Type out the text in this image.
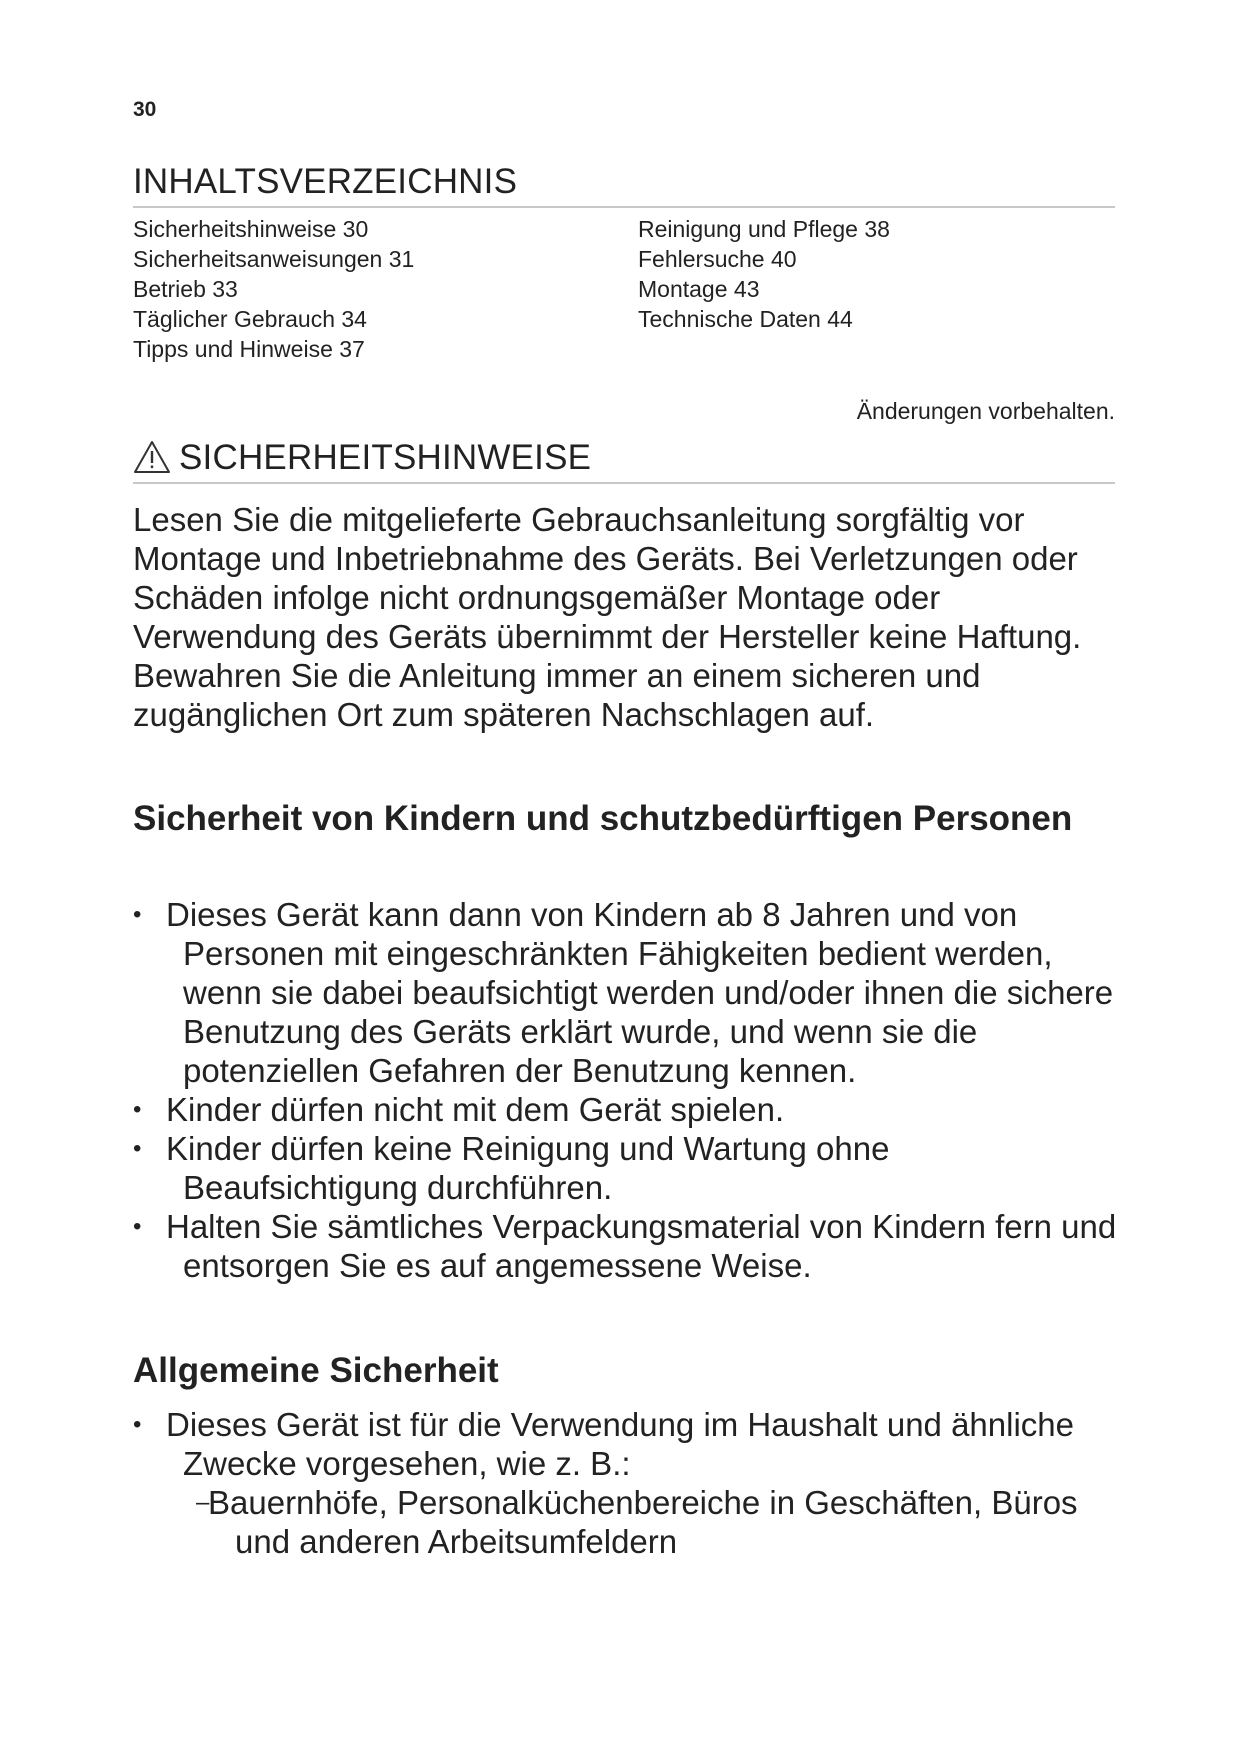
30
INHALTSVERZEICHNIS
Sicherheitshinweise 30
Sicherheitsanweisungen 31
Betrieb 33
Täglicher Gebrauch 34
Tipps und Hinweise 37
Reinigung und Pflege 38
Fehlersuche 40
Montage 43
Technische Daten 44
Änderungen vorbehalten.
SICHERHEITSHINWEISE
Lesen Sie die mitgelieferte Gebrauchsanleitung sorgfältig vor Montage und Inbetriebnahme des Geräts. Bei Verletzungen oder Schäden infolge nicht ordnungsgemäßer Montage oder Verwendung des Geräts übernimmt der Hersteller keine Haftung. Bewahren Sie die Anleitung immer an einem sicheren und zugänglichen Ort zum späteren Nachschlagen auf.
Sicherheit von Kindern und schutzbedürftigen Personen
• Dieses Gerät kann dann von Kindern ab 8 Jahren und von Personen mit eingeschränkten Fähigkeiten bedient werden, wenn sie dabei beaufsichtigt werden und/oder ihnen die sichere Benutzung des Geräts erklärt wurde, und wenn sie die potenziellen Gefahren der Benutzung kennen.
• Kinder dürfen nicht mit dem Gerät spielen.
• Kinder dürfen keine Reinigung und Wartung ohne Beaufsichtigung durchführen.
• Halten Sie sämtliches Verpackungsmaterial von Kindern fern und entsorgen Sie es auf angemessene Weise.
Allgemeine Sicherheit
• Dieses Gerät ist für die Verwendung im Haushalt und ähnliche Zwecke vorgesehen, wie z. B.:
–
Bauernhöfe, Personalküchenbereiche in Geschäften, Büros und anderen Arbeitsumfeldern
